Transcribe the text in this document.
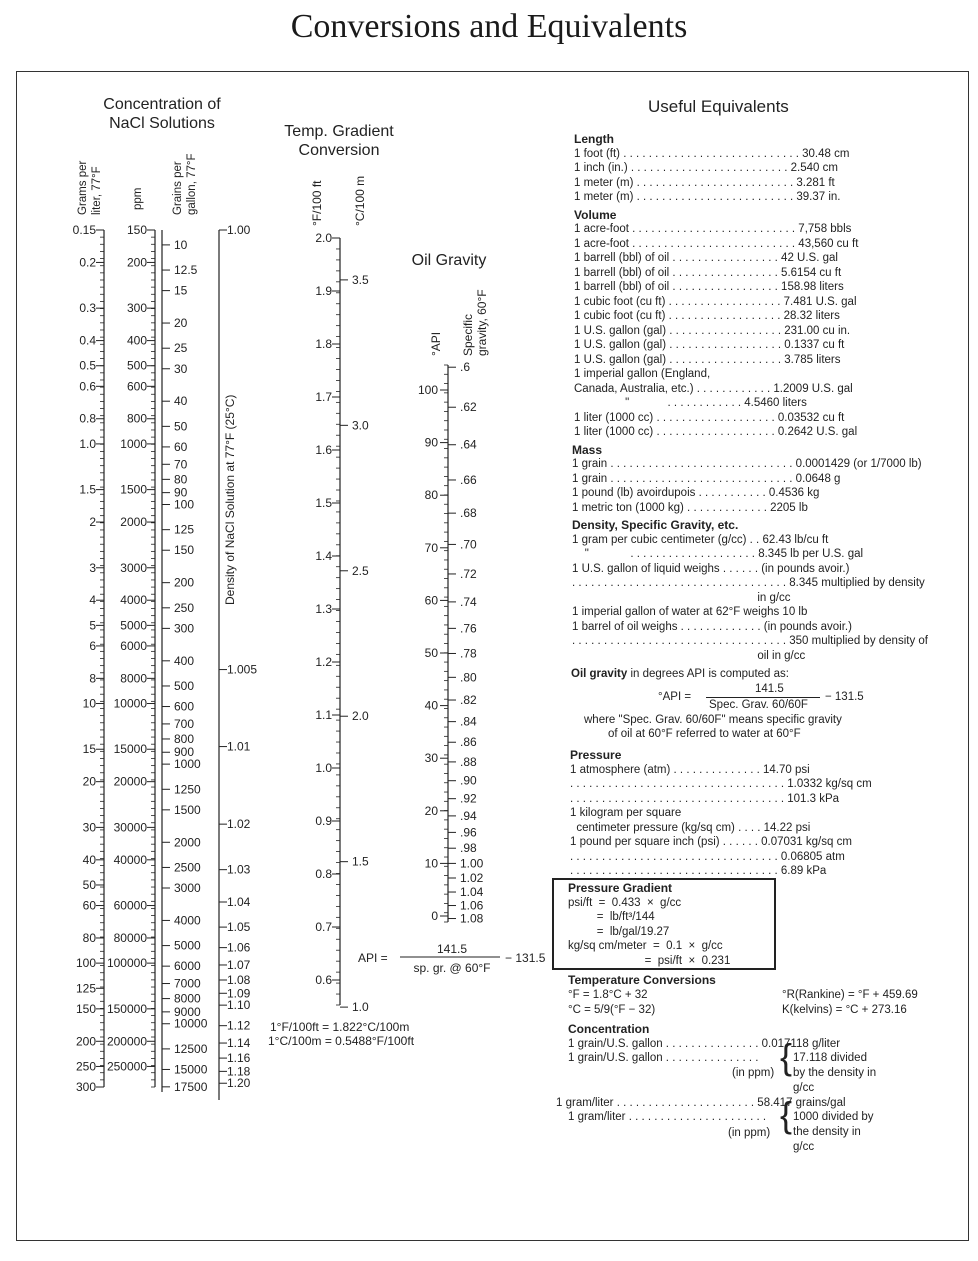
Conversions and Equivalents
Concentration of
NaCl Solutions
Grams per liter, 77°F	ppm Grains per gallon, 77°F
Density of NaCl Solution at 77°F (25°C)
Temp. Gradient
Conversion
°F/100 ft °C/100 m
Oil Gravity
°API Specific gravity, 60°F
API =
141.5
sp. gr. @ 60°F
− 131.5
1°F/100ft = 1.822°C/100m
1°C/100m = 0.5488°F/100ft
0.15
0.2
0.3
0.4
0.5
0.6
0.8
1.0
1.5
2
3
4
5
6
8
10
15
20
30
40
50
60
80
100
125
150
200
250
300
150
200
300
400
500
600
800
1000
1500
2000
3000
4000
5000
6000
8000
10000
15000
20000
30000
40000
60000
80000
100000
150000
200000
250000
10
12.5
15
20
25
30
40
50
60
70
80
90
100
125
150
200
250
300
400
500
600
700
800
900
1000
1250
1500
2000
2500
3000
4000
5000
6000
7000
8000
9000
10000
12500
15000
17500
1.00
1.005
1.01
1.02
1.03
1.04
1.05
1.06
1.07
1.08
1.09
1.10
1.12
1.14
1.16
1.18
1.20
2.0
1.9
1.8
1.7
1.6
1.5
1.4
1.3
1.2
1.1
1.0
0.9
0.8
0.7
0.6
3.5
3.0
2.5
2.0
1.5
1.0
100
90
80
70
60
50
40
30
20
10
0
.6
.62
.64
.66
.68
.70
.72
.74
.76
.78
.80
.82
.84
.86
.88
.90
.92
.94
.96
.98
1.00
1.02
1.04
1.06
1.08
Useful Equivalents
Length
1 foot (ft) . . . . . . . . . . . . . . . . . . . . . . . . . . . . 30.48 cm
1 inch (in.) . . . . . . . . . . . . . . . . . . . . . . . . . 2.540 cm
1 meter (m) . . . . . . . . . . . . . . . . . . . . . . . . . 3.281 ft
1 meter (m) . . . . . . . . . . . . . . . . . . . . . . . . . 39.37 in.
Volume
1 acre-foot . . . . . . . . . . . . . . . . . . . . . . . . . . 7,758 bbls
1 acre-foot . . . . . . . . . . . . . . . . . . . . . . . . . . 43,560 cu ft
1 barrell (bbl) of oil . . . . . . . . . . . . . . . . . 42 U.S. gal
1 barrell (bbl) of oil . . . . . . . . . . . . . . . . . 5.6154 cu ft
1 barrell (bbl) of oil . . . . . . . . . . . . . . . . . 158.98 liters
1 cubic foot (cu ft) . . . . . . . . . . . . . . . . . . 7.481 U.S. gal
1 cubic foot (cu ft) . . . . . . . . . . . . . . . . . . 28.32 liters
1 U.S. gallon (gal) . . . . . . . . . . . . . . . . . . 231.00 cu in.
1 U.S. gallon (gal) . . . . . . . . . . . . . . . . . . 0.1337 cu ft
1 U.S. gallon (gal) . . . . . . . . . . . . . . . . . . 3.785 liters
1 imperial gallon (England,
Canada, Australia, etc.) . . . . . . . . . . . . 1.2009 U.S. gal
"            . . . . . . . . . . . . 4.5460 liters
1 liter (1000 cc) . . . . . . . . . . . . . . . . . . . 0.03532 cu ft
1 liter (1000 cc) . . . . . . . . . . . . . . . . . . . 0.2642 U.S. gal
Mass
1 grain . . . . . . . . . . . . . . . . . . . . . . . . . . . . . 0.0001429 (or 1/7000 lb)
1 grain . . . . . . . . . . . . . . . . . . . . . . . . . . . . . 0.0648 g
1 pound (lb) avoirdupois . . . . . . . . . . . 0.4536 kg
1 metric ton (1000 kg) . . . . . . . . . . . . . 2205 lb
Density, Specific Gravity, etc.
1 gram per cubic centimeter (g/cc) . . 62.43 lb/cu ft
"             . . . . . . . . . . . . . . . . . . . . 8.345 lb per U.S. gal
1 U.S. gallon of liquid weighs . . . . . . (in pounds avoir.)
. . . . . . . . . . . . . . . . . . . . . . . . . . . . . . . . . . 8.345 multiplied by density
in g/cc
1 imperial gallon of water at 62°F weighs 10 lb
1 barrel of oil weighs . . . . . . . . . . . . . (in pounds avoir.)
. . . . . . . . . . . . . . . . . . . . . . . . . . . . . . . . . . 350 multiplied by density of
oil in g/cc
Oil gravity in degrees API is computed as:
°API =
141.5
Spec. Grav. 60/60F
− 131.5
where "Spec. Grav. 60/60F" means specific gravity
of oil at 60°F referred to water at 60°F
Pressure
1 atmosphere (atm) . . . . . . . . . . . . . . 14.70 psi
. . . . . . . . . . . . . . . . . . . . . . . . . . . . . . . . . . 1.0332 kg/sq cm
. . . . . . . . . . . . . . . . . . . . . . . . . . . . . . . . . . 101.3 kPa
1 kilogram per square
centimeter pressure (kg/sq cm) . . . . 14.22 psi
1 pound per square inch (psi) . . . . . . 0.07031 kg/sq cm
. . . . . . . . . . . . . . . . . . . . . . . . . . . . . . . . . 0.06805 atm
. . . . . . . . . . . . . . . . . . . . . . . . . . . . . . . . . 6.89 kPa
Pressure Gradient
psi/ft  =  0.433  ×  g/cc
=  lb/ft³/144
=  lb/gal/19.27
kg/sq cm/meter  =  0.1  ×  g/cc
=  psi/ft  ×  0.231
Temperature Conversions
°F = 1.8°C + 32
°C = 5/9(°F − 32)
°R(Rankine) = °F + 459.69
K(kelvins) = °C + 273.16
Concentration
1 grain/U.S. gallon . . . . . . . . . . . . . . . 0.017118 g/liter
1 grain/U.S. gallon . . . . . . . . . . . . . . .
(in ppm) { 17.118 divided
by the density in
g/cc
1 gram/liter . . . . . . . . . . . . . . . . . . . . . . 58.417 grains/gal
1 gram/liter . . . . . . . . . . . . . . . . . . . . . .
(in ppm) { 1000 divided by
the density in
g/cc
